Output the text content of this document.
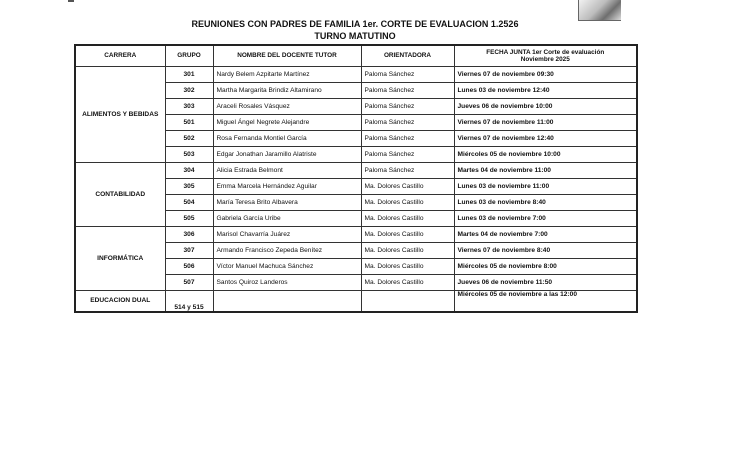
REUNIONES CON PADRES DE FAMILIA 1er. CORTE DE EVALUACION 1.2526
TURNO MATUTINO
CARRERA	GRUPO	NOMBRE DEL DOCENTE TUTOR	ORIENTADORA	FECHA JUNTA 1er Corte de evaluación
Noviembre 2025
ALIMENTOS Y BEBIDAS	301	Nardy Belem Azpitarte Martínez	Paloma Sánchez	Viernes 07 de noviembre 09:30
	302	Martha Margarita Brindiz Altamirano	Paloma Sánchez	Lunes 03 de noviembre 12:40
	303	Araceli Rosales Vásquez	Paloma Sánchez	Jueves 06 de noviembre 10:00
	501	Miguel Ángel Negrete Alejandre	Paloma Sánchez	Viernes 07 de noviembre 11:00
	502	Rosa Fernanda Montiel García	Paloma Sánchez	Viernes 07 de noviembre 12:40
	503	Edgar Jonathan Jaramillo Alatriste	Paloma Sánchez	Miércoles 05 de noviembre 10:00
CONTABILIDAD	304	Alicia Estrada Belmont	Paloma Sánchez	Martes 04 de noviembre 11:00
	305	Emma Marcela Hernández Aguilar	Ma. Dolores Castillo	Lunes 03 de noviembre 11:00
	504	María Teresa Brito Albavera	Ma. Dolores Castillo	Lunes 03 de noviembre 8:40
	505	Gabriela García Uribe	Ma. Dolores Castillo	Lunes 03 de noviembre 7:00
INFORMÁTICA	306	Marisol Chavarría Juárez	Ma. Dolores Castillo	Martes 04 de noviembre 7:00
	307	Armando Francisco Zepeda Benítez	Ma. Dolores Castillo	Viernes 07 de noviembre 8:40
	506	Víctor Manuel Machuca Sánchez	Ma. Dolores Castillo	Miércoles 05 de noviembre 8:00
	507	Santos Quiroz Landeros	Ma. Dolores Castillo	Jueves 06 de noviembre 11:50
EDUCACION DUAL	514 y 515			Miércoles 05 de noviembre a las 12:00
